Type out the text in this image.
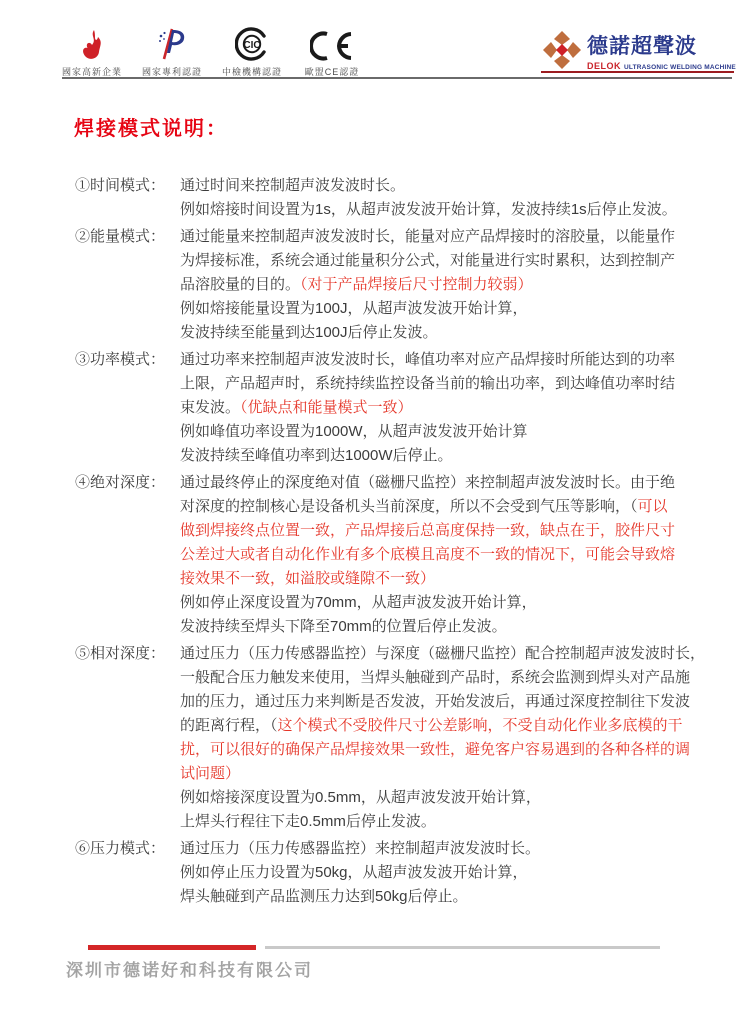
國家高新企業 國家專利認證
CIC
中檢機構認證	歐盟CE認證
德諾超聲波
DELOK ULTRASONIC WELDING MACHINE
焊接模式说明：
①时间模式： 通过时间来控制超声波发波时长。
例如熔接时间设置为1s，从超声波发波开始计算，发波持续1s后停止发波。
②能量模式： 通过能量来控制超声波发波时长，能量对应产品焊接时的溶胶量，以能量作
为焊接标准，系统会通过能量积分公式，对能量进行实时累积，达到控制产
品溶胶量的目的。（对于产品焊接后尺寸控制力较弱）
例如熔接能量设置为100J，从超声波发波开始计算，
发波持续至能量到达100J后停止发波。
③功率模式： 通过功率来控制超声波发波时长，峰值功率对应产品焊接时所能达到的功率
上限，产品超声时，系统持续监控设备当前的输出功率，到达峰值功率时结
束发波。（优缺点和能量模式一致）
例如峰值功率设置为1000W，从超声波发波开始计算
发波持续至峰值功率到达1000W后停止。
④绝对深度： 通过最终停止的深度绝对值（磁栅尺监控）来控制超声波发波时长。由于绝
对深度的控制核心是设备机头当前深度，所以不会受到气压等影响，（可以
做到焊接终点位置一致，产品焊接后总高度保持一致，缺点在于，胶件尺寸
公差过大或者自动化作业有多个底模且高度不一致的情况下，可能会导致熔
接效果不一致，如溢胶或缝隙不一致）
例如停止深度设置为70mm，从超声波发波开始计算，
发波持续至焊头下降至70mm的位置后停止发波。
⑤相对深度： 通过压力（压力传感器监控）与深度（磁栅尺监控）配合控制超声波发波时长，
一般配合压力触发来使用，当焊头触碰到产品时，系统会监测到焊头对产品施
加的压力，通过压力来判断是否发波，开始发波后，再通过深度控制往下发波
的距离行程，（这个模式不受胶件尺寸公差影响，不受自动化作业多底模的干
扰，可以很好的确保产品焊接效果一致性，避免客户容易遇到的各种各样的调
试问题）
例如熔接深度设置为0.5mm，从超声波发波开始计算，
上焊头行程往下走0.5mm后停止发波。
⑥压力模式： 通过压力（压力传感器监控）来控制超声波发波时长。
例如停止压力设置为50kg，从超声波发波开始计算，
焊头触碰到产品监测压力达到50kg后停止。
深圳市德诺好和科技有限公司
